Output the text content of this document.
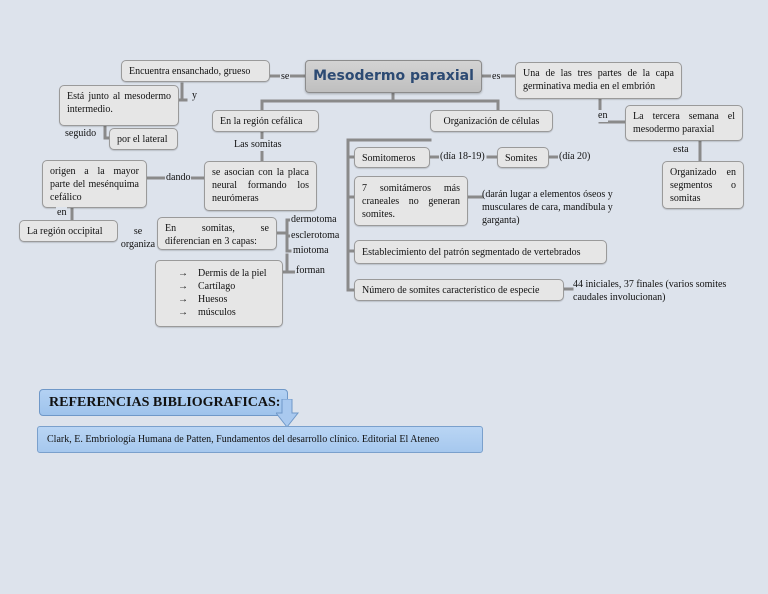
Mesodermo paraxial
Encuentra ensanchado, grueso	se
Está junto al mesodermo intermedio.
y
seguido
por el lateral
En la región cefálica
Las somitas
se asocian con la placa neural formando los neurómeras
origen a la mayor parte del mesénquima cefálico
dando
en
La región occipital	se organiza
En somitas, se diferencian en 3 capas:
dermotoma
esclerotoma
miotoma
forman
→ Dermis de la piel
→ Cartílago
→ Huesos
→ músculos
Organización de células
Somitomeros	(día 18-19)	Somites	(día 20)
7 somitámeros más craneales no generan somites.
(darán lugar a elementos óseos y musculares de cara, mandíbula y garganta)
Establecimiento del patrón segmentado de vertebrados
Número de somites característico de especie
44 iniciales, 37 finales (varios somites caudales involucionan)
es	Una de las tres partes de la capa germinativa media en el embrión
en	La tercera semana el mesodermo paraxial
esta
Organizado en segmentos o somitas
REFERENCIAS BIBLIOGRAFICAS:
Clark, E. Embriología Humana de Patten, Fundamentos del desarrollo clínico. Editorial El Ateneo
